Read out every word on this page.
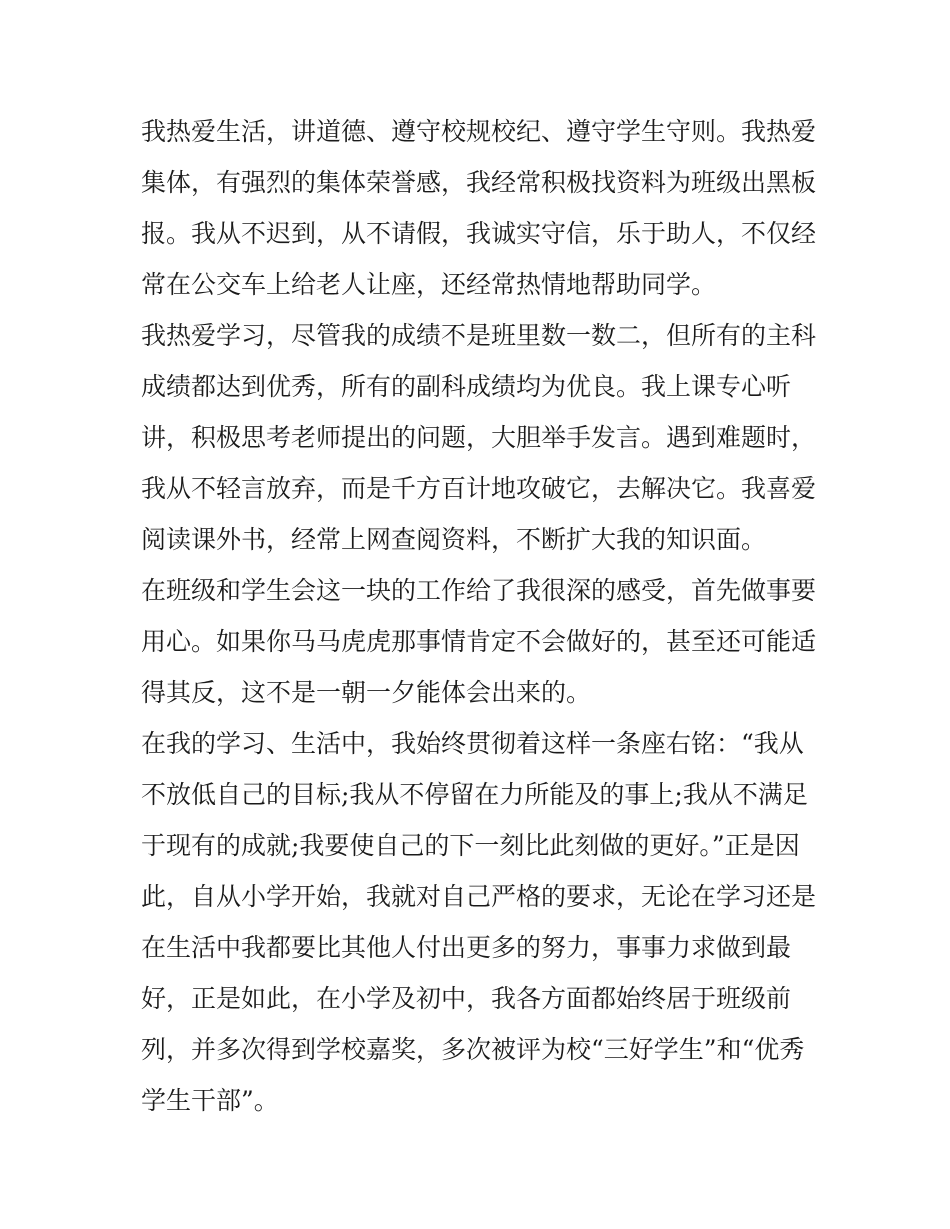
我热爱生活，讲道德、遵守校规校纪、遵守学生守则。我热爱
集体，有强烈的集体荣誉感，我经常积极找资料为班级出黑板
报。我从不迟到，从不请假，我诚实守信，乐于助人，不仅经
常在公交车上给老人让座，还经常热情地帮助同学。
我热爱学习，尽管我的成绩不是班里数一数二，但所有的主科
成绩都达到优秀，所有的副科成绩均为优良。我上课专心听
讲，积极思考老师提出的问题，大胆举手发言。遇到难题时，
我从不轻言放弃，而是千方百计地攻破它，去解决它。我喜爱
阅读课外书，经常上网查阅资料，不断扩大我的知识面。
在班级和学生会这一块的工作给了我很深的感受，首先做事要
用心。如果你马马虎虎那事情肯定不会做好的，甚至还可能适
得其反，这不是一朝一夕能体会出来的。
在我的学习、生活中，我始终贯彻着这样一条座右铭：“我从
不放低自己的目标;我从不停留在力所能及的事上;我从不满足
于现有的成就;我要使自己的下一刻比此刻做的更好。”正是因
此，自从小学开始，我就对自己严格的要求，无论在学习还是
在生活中我都要比其他人付出更多的努力，事事力求做到最
好，正是如此，在小学及初中，我各方面都始终居于班级前
列，并多次得到学校嘉奖，多次被评为校“三好学生”和“优秀
学生干部”。
